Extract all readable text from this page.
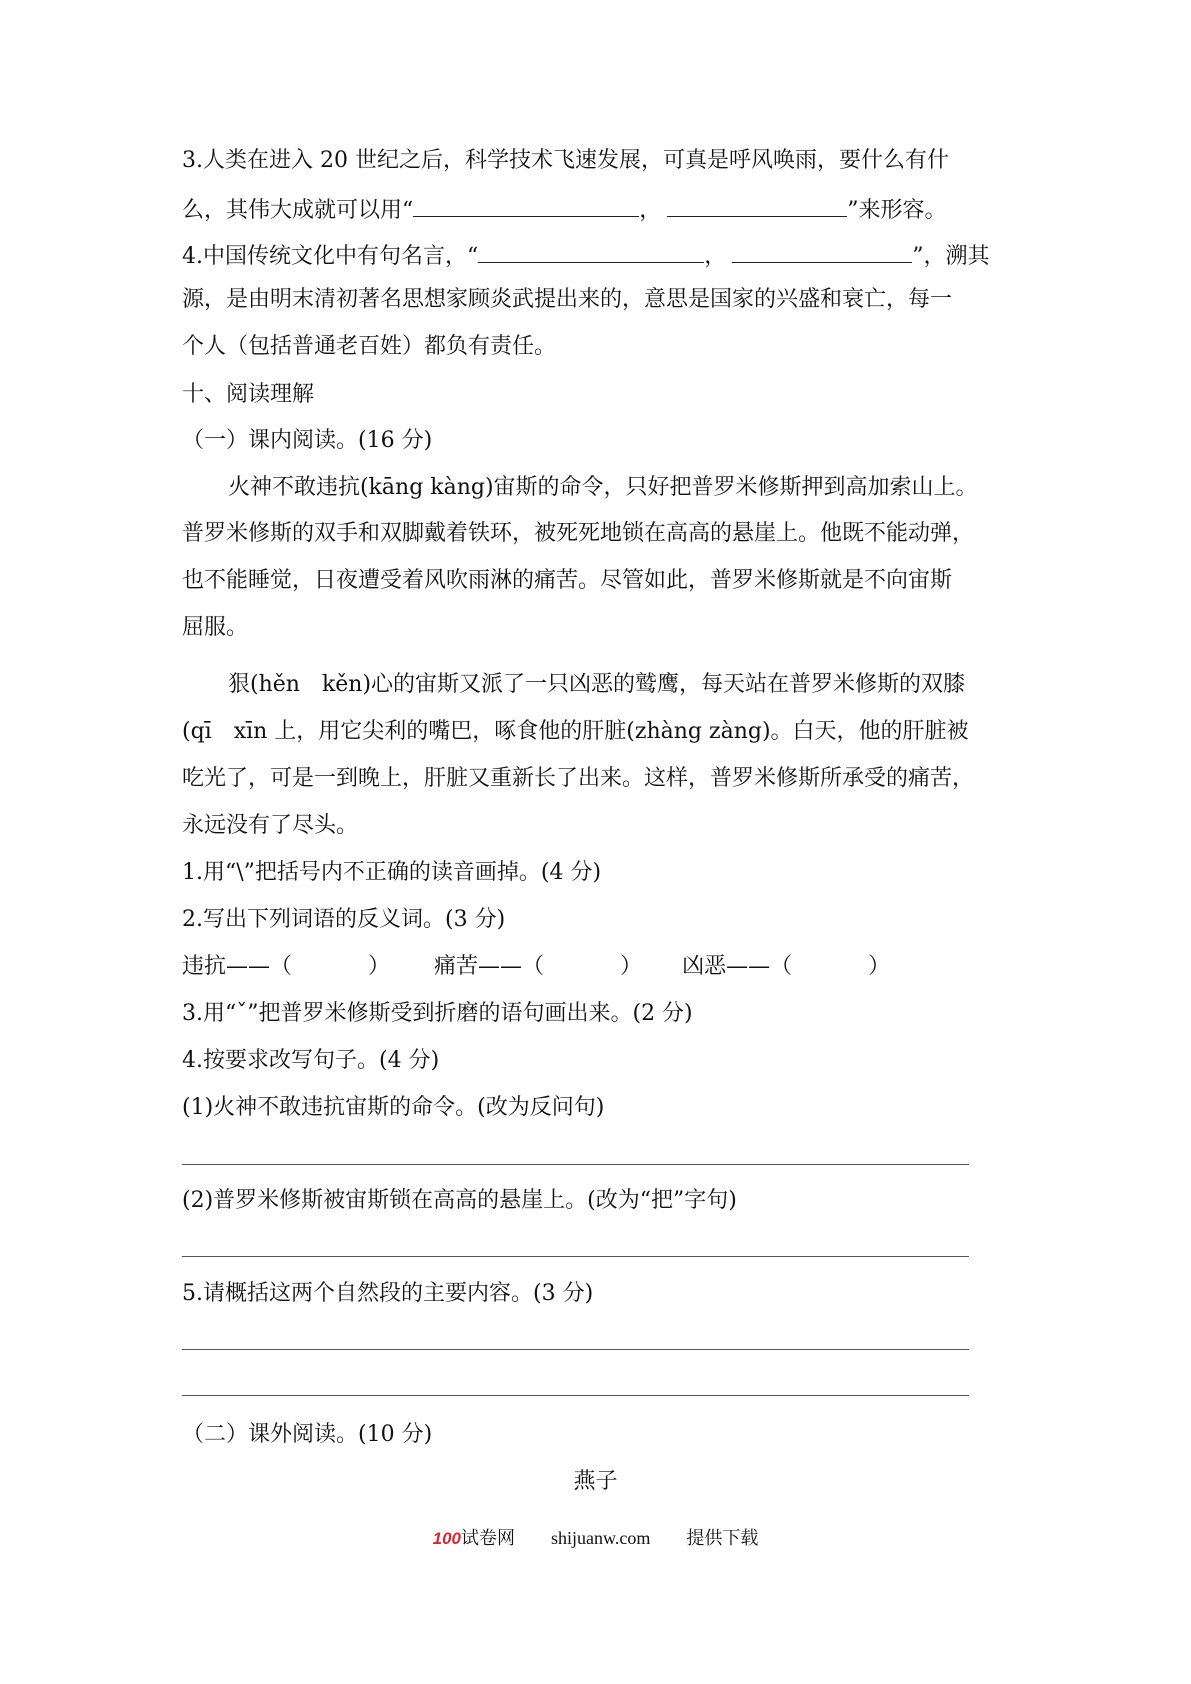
3.人类在进入 20 世纪之后，科学技术飞速发展，可真是呼风唤雨，要什么有什
么，其伟大成就可以用“	，	”来形容。
4.中国传统文化中有句名言，“	，	”，溯其
源，是由明末清初著名思想家顾炎武提出来的，意思是国家的兴盛和衰亡，每一
个人（包括普通老百姓）都负有责任。
十、阅读理解
（一）课内阅读。(16 分)
火神不敢违抗(kāng kàng)宙斯的命令，只好把普罗米修斯押到高加索山上。
普罗米修斯的双手和双脚戴着铁环，被死死地锁在高高的悬崖上。他既不能动弹，
也不能睡觉，日夜遭受着风吹雨淋的痛苦。尽管如此，普罗米修斯就是不向宙斯
屈服。
狠(hěn　kěn)心的宙斯又派了一只凶恶的鹫鹰，每天站在普罗米修斯的双膝
(qī　xīn 上，用它尖利的嘴巴，啄食他的肝脏(zhàng zàng)。白天，他的肝脏被
吃光了，可是一到晚上，肝脏又重新长了出来。这样，普罗米修斯所承受的痛苦，
永远没有了尽头。
1.用“\”把括号内不正确的读音画掉。(4 分)
2.写出下列词语的反义词。(3 分)
违抗——（	） 痛苦——（	） 凶恶——（	）
3.用“ˇ”把普罗米修斯受到折磨的语句画出来。(2 分)
4.按要求改写句子。(4 分)
(1)火神不敢违抗宙斯的命令。(改为反问句)
(2)普罗米修斯被宙斯锁在高高的悬崖上。(改为“把”字句)
5.请概括这两个自然段的主要内容。(3 分)
（二）课外阅读。(10 分)
燕子
100试卷网 shijuanw.com 提供下载
